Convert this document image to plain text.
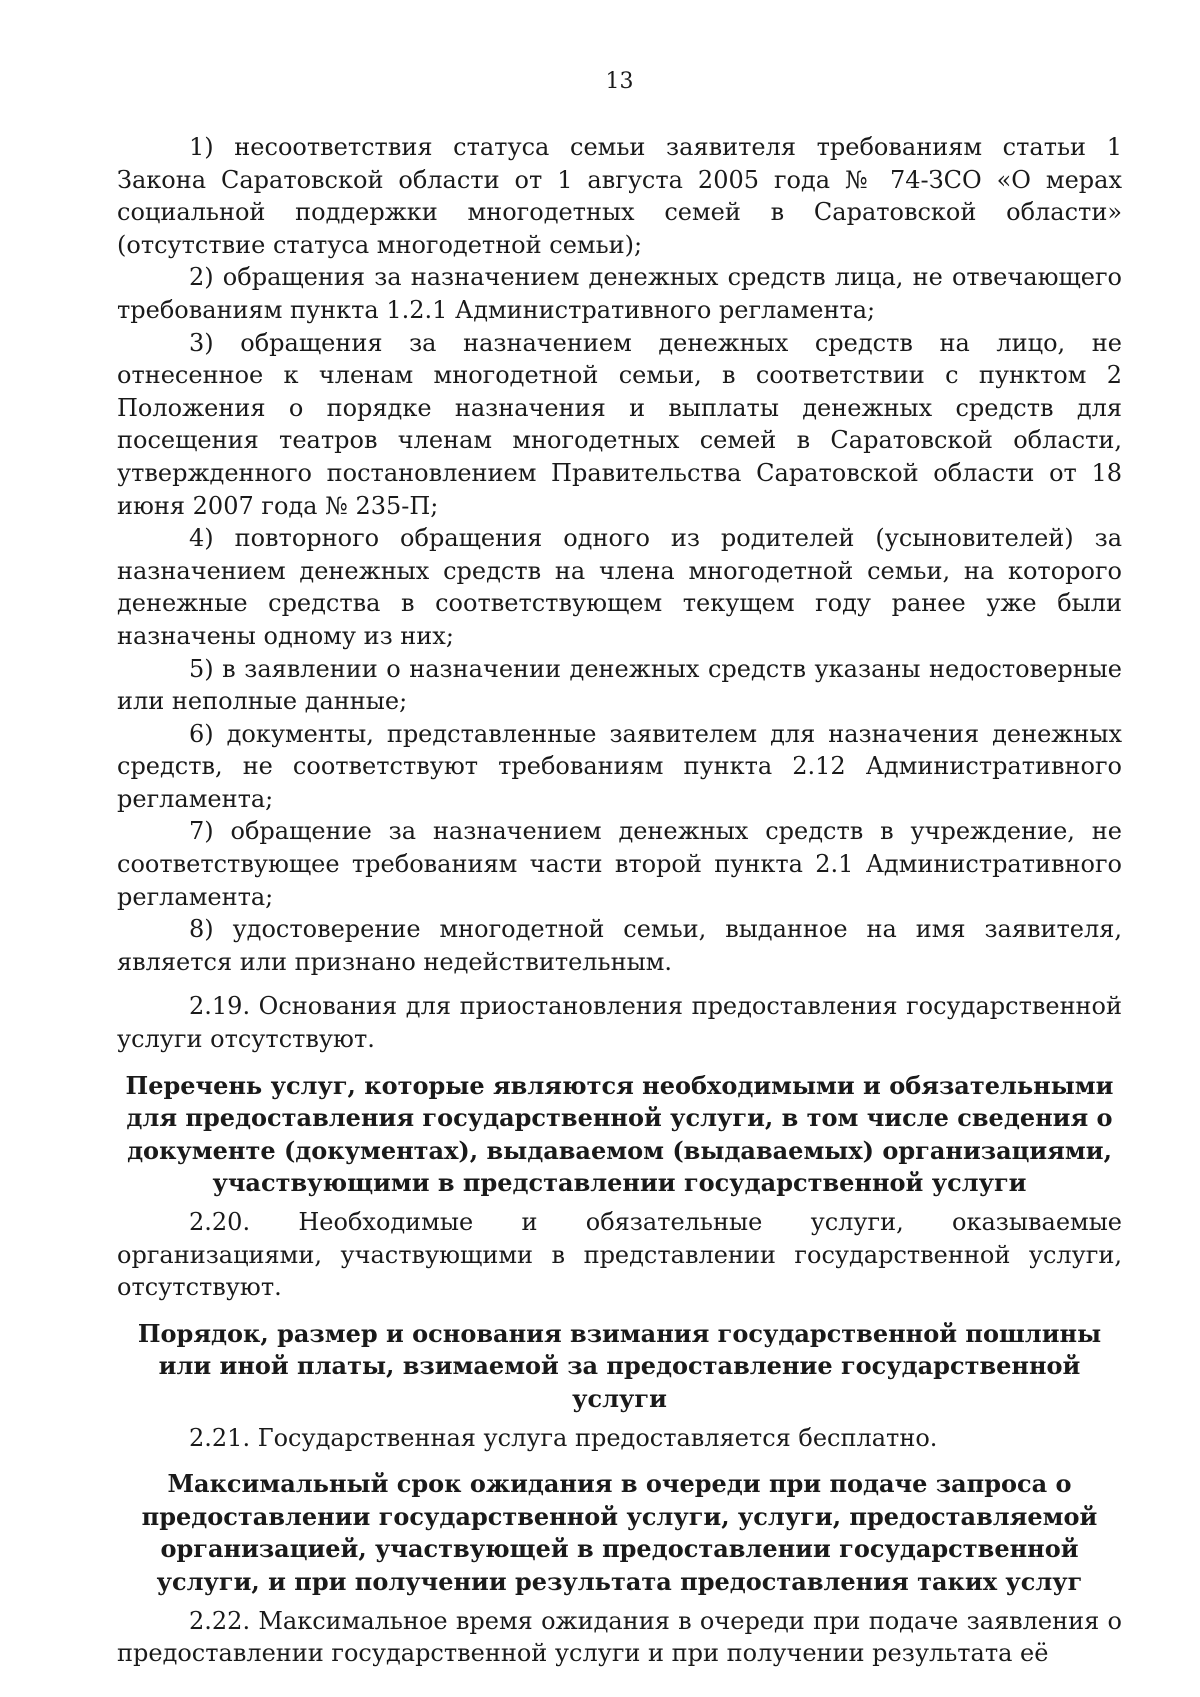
13

1) несоответствия статуса семьи заявителя требованиям статьи 1 Закона Саратовской области от 1 августа 2005 года № 74-ЗСО «О мерах социальной поддержки многодетных семей в Саратовской области» (отсутствие статуса многодетной семьи);

2) обращения за назначением денежных средств лица, не отвечающего требованиям пункта 1.2.1 Административного регламента;

3) обращения за назначением денежных средств на лицо, не отнесенное к членам многодетной семьи, в соответствии с пунктом 2 Положения о порядке назначения и выплаты денежных средств для посещения театров членам многодетных семей в Саратовской области, утвержденного постановлением Правительства Саратовской области от 18 июня 2007 года № 235-П;

4) повторного обращения одного из родителей (усыновителей) за назначением денежных средств на члена многодетной семьи, на которого денежные средства в соответствующем текущем году ранее уже были назначены одному из них;

5) в заявлении о назначении денежных средств указаны недостоверные или неполные данные;

6) документы, представленные заявителем для назначения денежных средств, не соответствуют требованиям пункта 2.12 Административного регламента;

7) обращение за назначением денежных средств в учреждение, не соответствующее требованиям части второй пункта 2.1 Административного регламента;

8) удостоверение многодетной семьи, выданное на имя заявителя, является или признано недействительным.

2.19. Основания для приостановления предоставления государственной услуги отсутствуют.

Перечень услуг, которые являются необходимыми и обязательными для предоставления государственной услуги, в том числе сведения о документе (документах), выдаваемом (выдаваемых) организациями, участвующими в представлении государственной услуги

2.20. Необходимые и обязательные услуги, оказываемые организациями, участвующими в представлении государственной услуги, отсутствуют.

Порядок, размер и основания взимания государственной пошлины или иной платы, взимаемой за предоставление государственной услуги

2.21. Государственная услуга предоставляется бесплатно.

Максимальный срок ожидания в очереди при подаче запроса о предоставлении государственной услуги, услуги, предоставляемой организацией, участвующей в предоставлении государственной услуги, и при получении результата предоставления таких услуг

2.22. Максимальное время ожидания в очереди при подаче заявления о предоставлении государственной услуги и при получении результата её
